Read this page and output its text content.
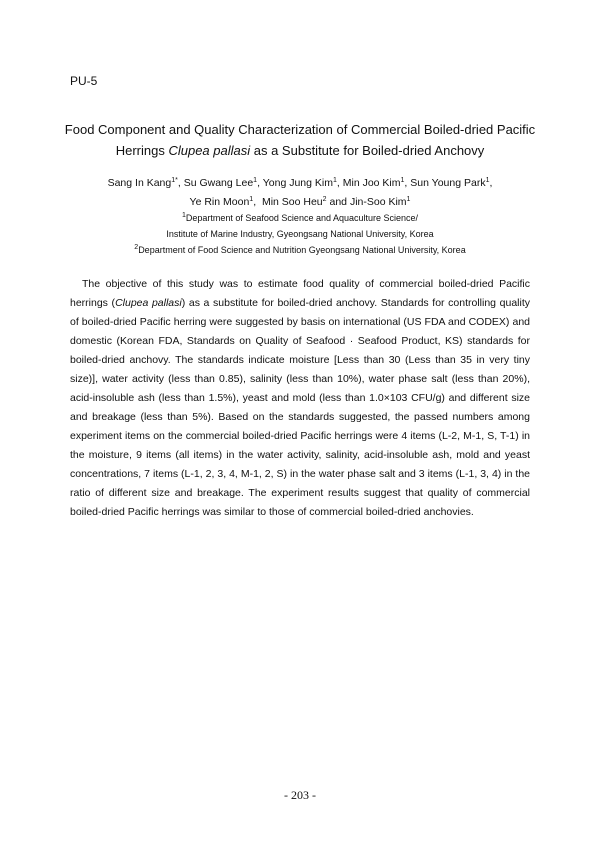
PU-5
Food Component and Quality Characterization of Commercial Boiled-dried Pacific
Herrings Clupea pallasi as a Substitute for Boiled-dried Anchovy
Sang In Kang$^{1*}$, Su Gwang Lee$^1$, Yong Jung Kim$^1$, Min Joo Kim$^1$, Sun Young Park$^1$,
Ye Rin Moon$^1$,  Min Soo Heu$^2$ and Jin-Soo Kim$^1$
$^1$Department of Seafood Science and Aquaculture Science/
Institute of Marine Industry, Gyeongsang National University, Korea
$^2$Department of Food Science and Nutrition Gyeongsang National University, Korea

The objective of this study was to estimate food quality of commercial boiled-dried Pacific herrings (Clupea pallasi) as a substitute for boiled-dried anchovy. Standards for controlling quality of boiled-dried Pacific herring were suggested by basis on international (US FDA and CODEX) and domestic (Korean FDA, Standards on Quality of Seafood · Seafood Product, KS) standards for boiled-dried anchovy. The standards indicate moisture [Less than 30 (Less than 35 in very tiny size)], water activity (less than 0.85), salinity (less than 10%), water phase salt (less than 20%), acid-insoluble ash (less than 1.5%), yeast and mold (less than 1.0×103 CFU/g) and different size and breakage (less than 5%). Based on the standards suggested, the passed numbers among experiment items on the commercial boiled-dried Pacific herrings were 4 items (L-2, M-1, S, T-1) in the moisture, 9 items (all items) in the water activity, salinity, acid-insoluble ash, mold and yeast concentrations, 7 items (L-1, 2, 3, 4, M-1, 2, S) in the water phase salt and 3 items (L-1, 3, 4) in the ratio of different size and breakage. The experiment results suggest that quality of commercial boiled-dried Pacific herrings was similar to those of commercial boiled-dried anchovies.

- 203 -
